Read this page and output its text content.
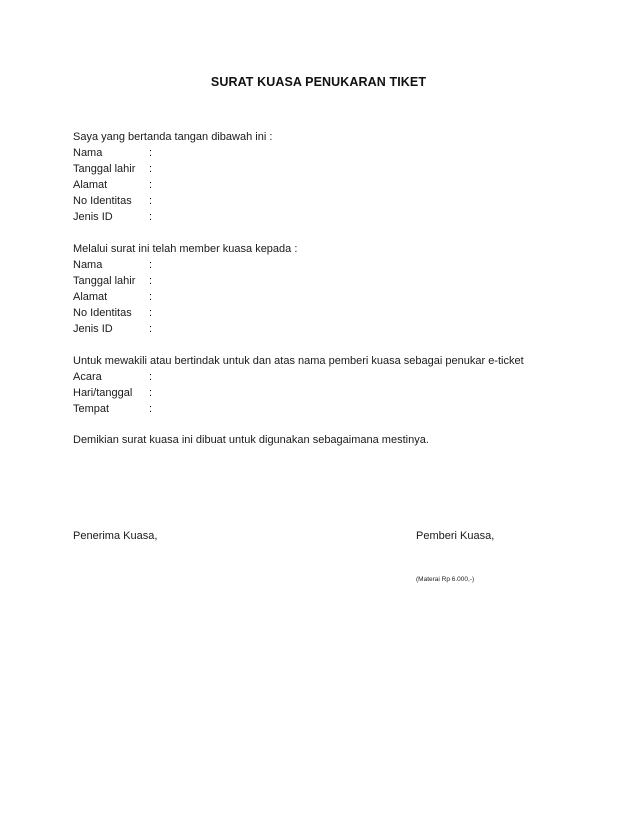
SURAT KUASA PENUKARAN TIKET
Saya yang bertanda tangan dibawah ini :
Nama	:
Tanggal lahir :
Alamat	:
No Identitas :
Jenis ID	:
Melalui surat ini telah member kuasa kepada :
Nama	:
Tanggal lahir :
Alamat	:
No Identitas :
Jenis ID	:
Untuk mewakili atau bertindak untuk dan atas nama pemberi kuasa sebagai penukar e-ticket
Acara	:
Hari/tanggal :
Tempat	:
Demikian surat kuasa ini dibuat untuk digunakan sebagaimana mestinya.
Penerima Kuasa,	Pemberi Kuasa,
(Materai Rp 6.000,-)
